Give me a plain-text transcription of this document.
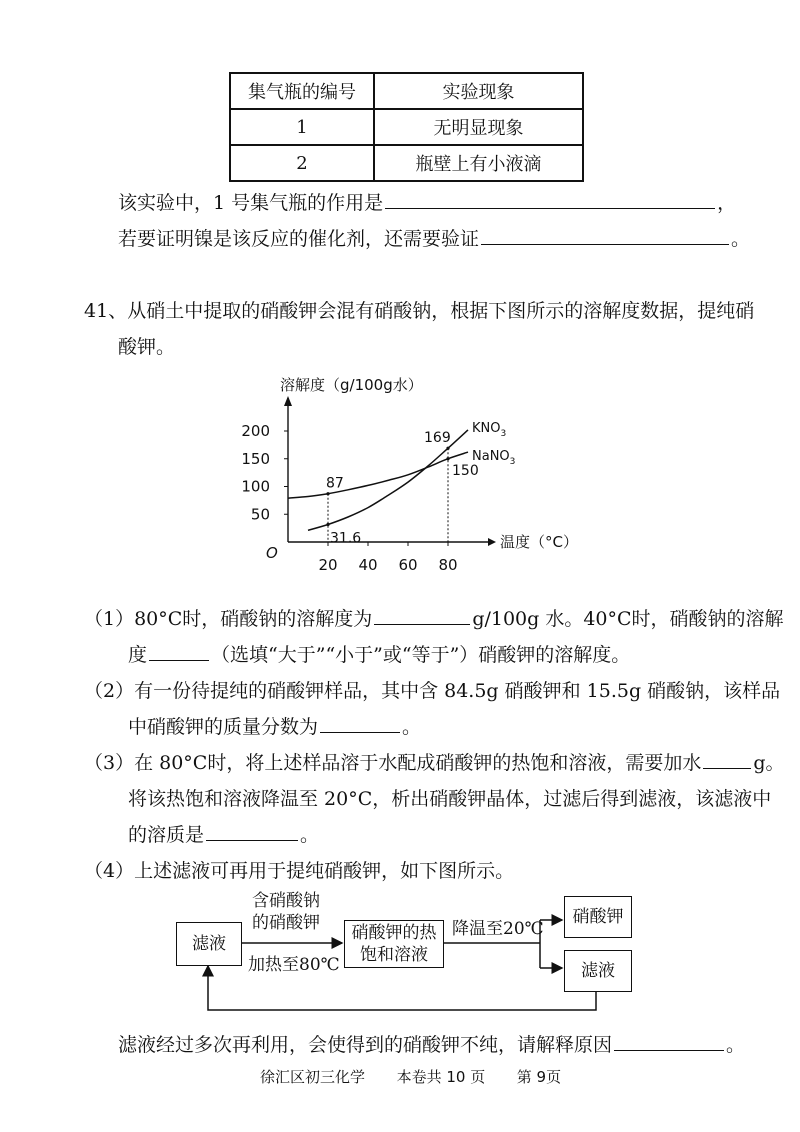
集气瓶的编号	实验现象
1	无明显现象
2	瓶壁上有小液滴
该实验中，1 号集气瓶的作用是	，
若要证明镍是该反应的催化剂，还需要验证	。
41、从硝土中提取的硝酸钾会混有硝酸钠，根据下图所示的溶解度数据，提纯硝
酸钾。
溶解度（g/100g水）
温度（°C）
O
20 40 60 80
50
100
150
200	$KNO_3$
NaNO$_3$
87
31.6
169
150
（1）80°C时，硝酸钠的溶解度为	g/100g 水。40°C时，硝酸钠的溶解
度	（选填“大于”“小于”或“等于”）硝酸钾的溶解度。
（2）有一份待提纯的硝酸钾样品，其中含 84.5g 硝酸钾和 15.5g 硝酸钠，该样品
中硝酸钾的质量分数为	。
（3）在 80°C时，将上述样品溶于水配成硝酸钾的热饱和溶液，需要加水	g。
将该热饱和溶液降温至 20°C，析出硝酸钾晶体，过滤后得到滤液，该滤液中
的溶质是	。
（4）上述滤液可再用于提纯硝酸钾，如下图所示。
滤液
含硝酸钠
的硝酸钾
加热至80℃
硝酸钾的热
饱和溶液
降温至20℃
硝酸钾
滤液
滤液经过多次再利用，会使得到的硝酸钾不纯，请解释原因	。
徐汇区初三化学 本卷共 10 页 第 9页
